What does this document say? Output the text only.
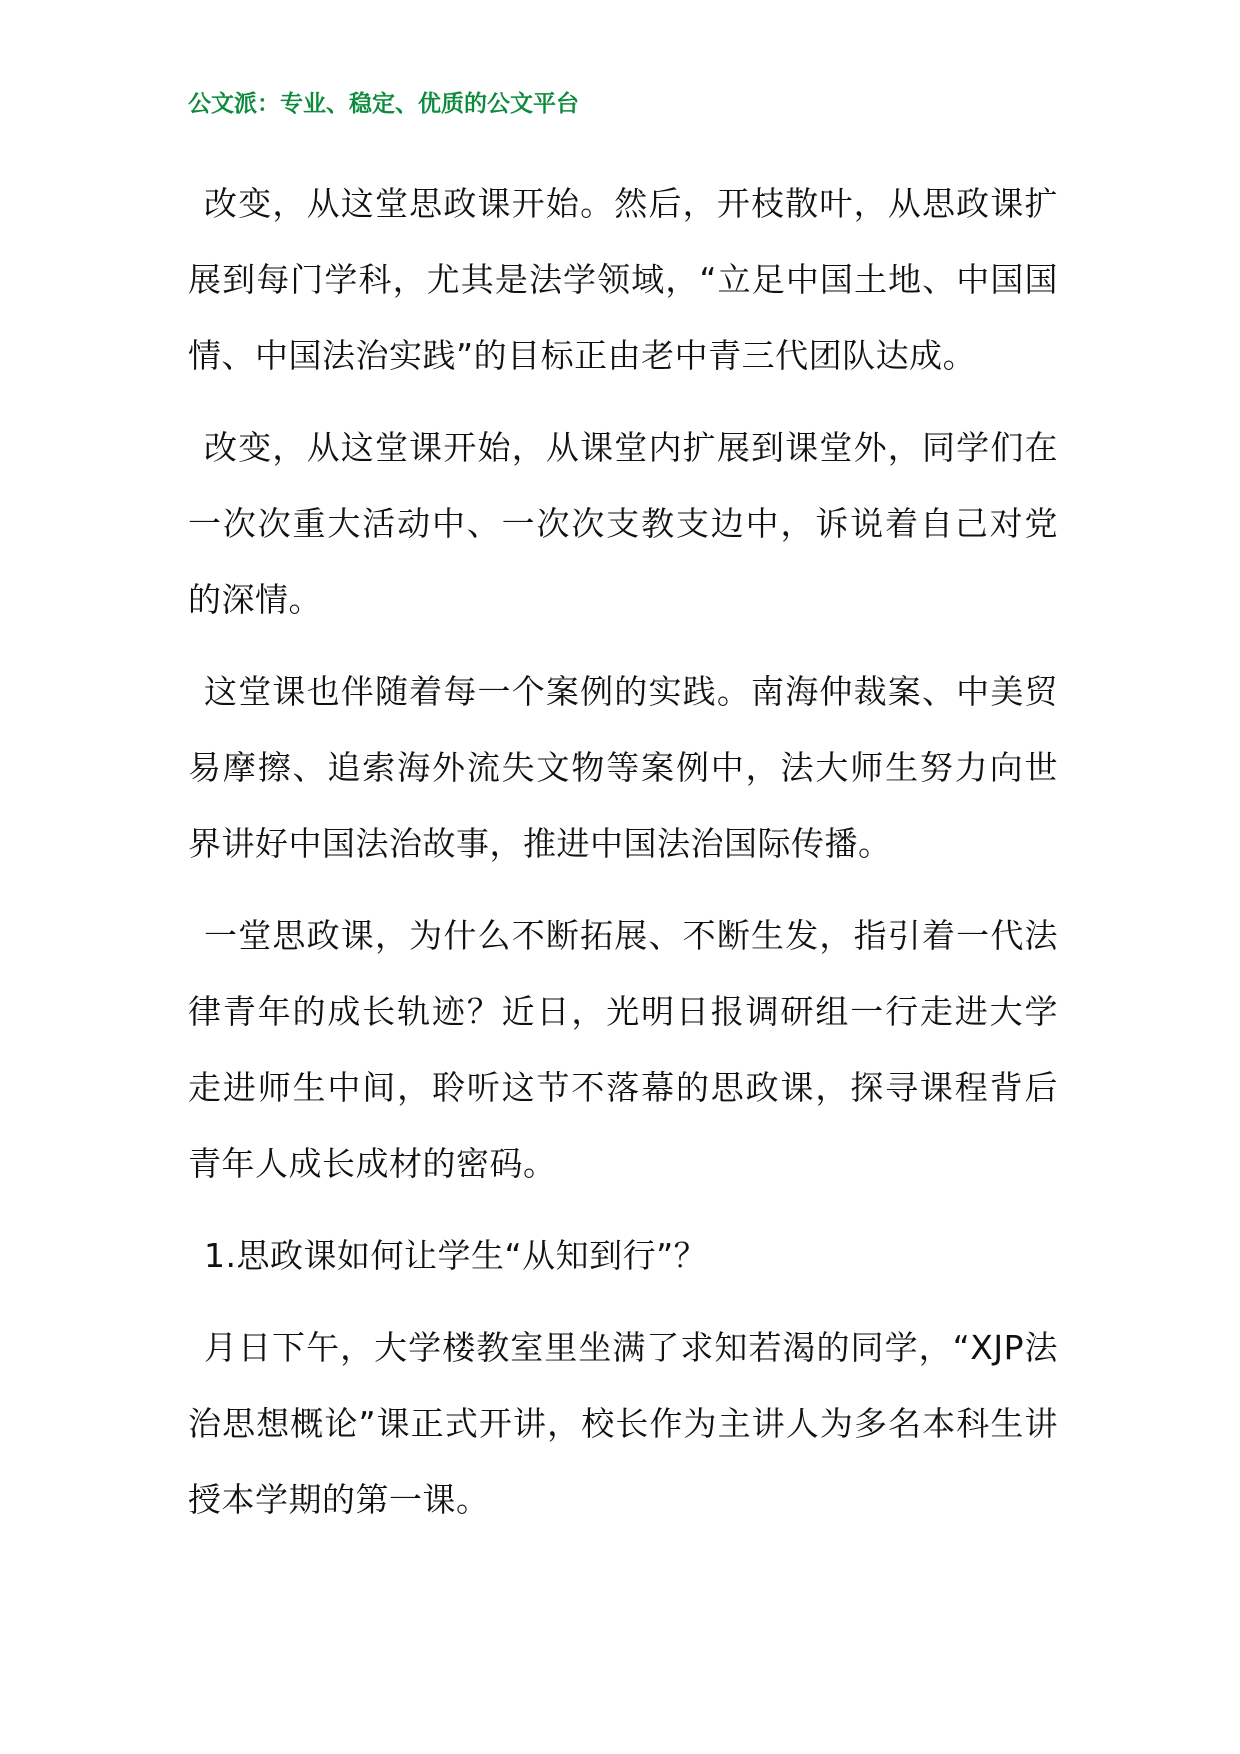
公文派：专业、稳定、优质的公文平台

改变，从这堂思政课开始。然后，开枝散叶，从思政课扩展到每门学科，尤其是法学领域，“立足中国土地、中国国情、中国法治实践”的目标正由老中青三代团队达成。

改变，从这堂课开始，从课堂内扩展到课堂外，同学们在一次次重大活动中、一次次支教支边中，诉说着自己对党的深情。

这堂课也伴随着每一个案例的实践。南海仲裁案、中美贸易摩擦、追索海外流失文物等案例中，法大师生努力向世界讲好中国法治故事，推进中国法治国际传播。

一堂思政课，为什么不断拓展、不断生发，指引着一代法律青年的成长轨迹？近日，光明日报调研组一行走进大学走进师生中间，聆听这节不落幕的思政课，探寻课程背后青年人成长成材的密码。

1.思政课如何让学生“从知到行”？

月日下午，大学楼教室里坐满了求知若渴的同学，“XJP法治思想概论”课正式开讲，校长作为主讲人为多名本科生讲授本学期的第一课。
